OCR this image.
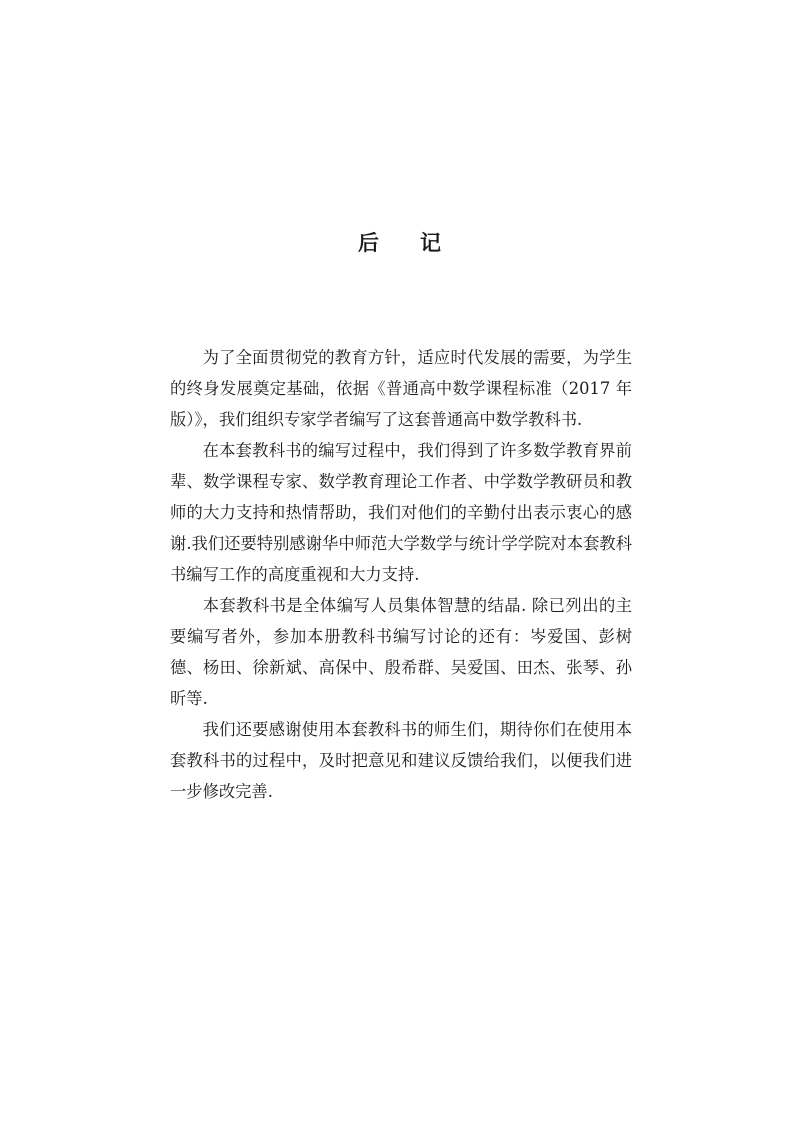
后 记

为了全面贯彻党的教育方针，适应时代发展的需要，为学生的终身发展奠定基础，依据《普通高中数学课程标准（2017 年版）》，我们组织专家学者编写了这套普通高中数学教科书.

在本套教科书的编写过程中，我们得到了许多数学教育界前辈、数学课程专家、数学教育理论工作者、中学数学教研员和教师的大力支持和热情帮助，我们对他们的辛勤付出表示衷心的感谢.我们还要特别感谢华中师范大学数学与统计学学院对本套教科书编写工作的高度重视和大力支持.

本套教科书是全体编写人员集体智慧的结晶. 除已列出的主要编写者外，参加本册教科书编写讨论的还有：岑爱国、彭树德、杨田、徐新斌、高保中、殷希群、吴爱国、田杰、张琴、孙昕等.

我们还要感谢使用本套教科书的师生们，期待你们在使用本套教科书的过程中，及时把意见和建议反馈给我们，以便我们进一步修改完善.
